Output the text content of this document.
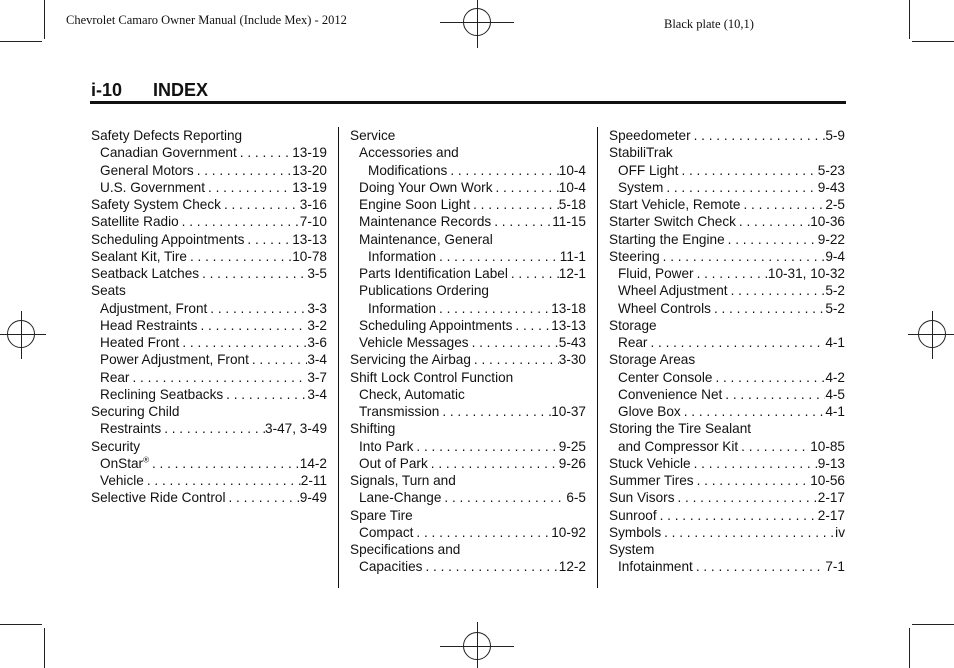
Chevrolet Camaro Owner Manual (Include Mex) - 2012	Black plate (10,1)
i-10 INDEX
Safety Defects Reporting
Canadian Government . . .	13-19
General Motors . . .	13-20
U.S. Government . . .	13-19
Safety System Check . . .	3-16
Satellite Radio . . .	7-10
Scheduling Appointments . . .	13-13
Sealant Kit, Tire . . .	10-78
Seatback Latches . . .	3-5
Seats
Adjustment, Front . . .	3-3
Head Restraints . . .	3-2
Heated Front . . .	3-6
Power Adjustment, Front . . .	3-4
Rear . . .	3-7
Reclining Seatbacks . . .	3-4
Securing Child
Restraints . . .	3-47, 3-49
Security
OnStar® . . .	14-2
Vehicle . . .	2-11
Selective Ride Control . . .	9-49
Service
Accessories and
Modifications . . .	10-4
Doing Your Own Work . . .	10-4
Engine Soon Light . . .	5-18
Maintenance Records . . .	11-15
Maintenance, General
Information . . .	11-1
Parts Identification Label . . .	12-1
Publications Ordering
Information . . .	13-18
Scheduling Appointments . . .	13-13
Vehicle Messages . . .	5-43
Servicing the Airbag . . .	3-30
Shift Lock Control Function
Check, Automatic
Transmission . . .	10-37
Shifting
Into Park . . .	9-25
Out of Park . . .	9-26
Signals, Turn and
Lane-Change . . .	6-5
Spare Tire
Compact . . .	10-92
Specifications and
Capacities . . .	12-2
Speedometer . . .	5-9
StabiliTrak
OFF Light . . .	5-23
System . . .	9-43
Start Vehicle, Remote . . .	2-5
Starter Switch Check . . .	10-36
Starting the Engine . . .	9-22
Steering . . .	9-4
Fluid, Power . . .	10-31, 10-32
Wheel Adjustment . . .	5-2
Wheel Controls . . .	5-2
Storage
Rear . . .	4-1
Storage Areas
Center Console . . .	4-2
Convenience Net . . .	4-5
Glove Box . . .	4-1
Storing the Tire Sealant
and Compressor Kit . . .	10-85
Stuck Vehicle . . .	9-13
Summer Tires . . .	10-56
Sun Visors . . .	2-17
Sunroof . . .	2-17
Symbols . . .	iv
System
Infotainment . . .	7-1
